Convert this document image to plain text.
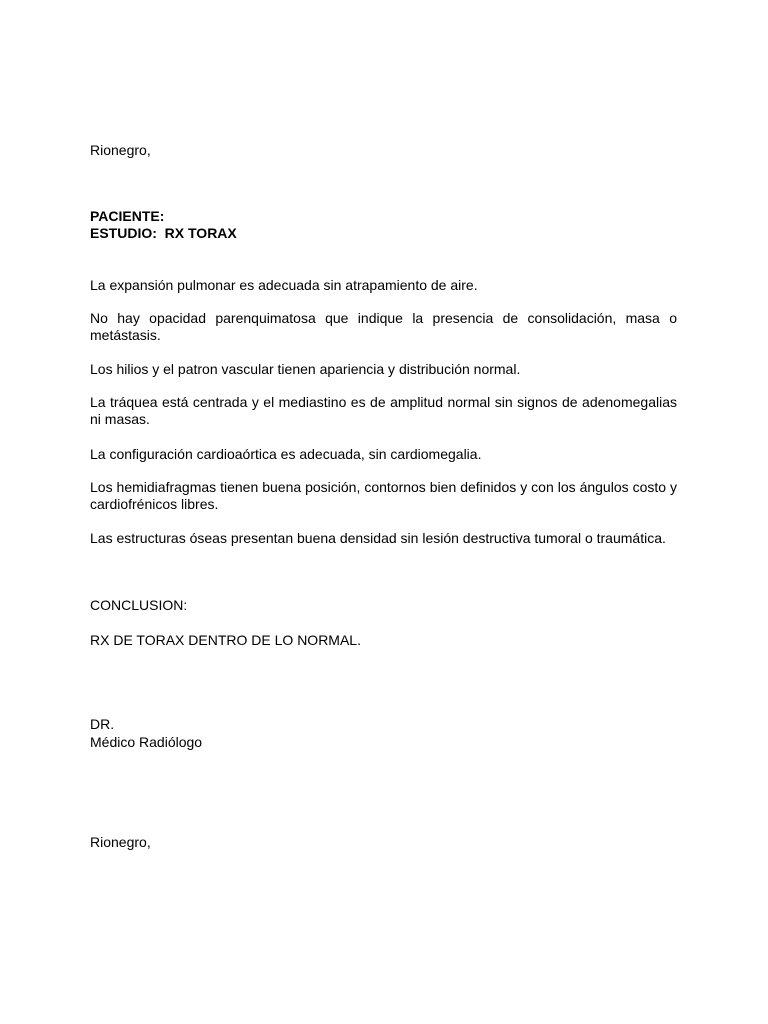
Rionegro,

PACIENTE:

ESTUDIO: RX TORAX

La expansión pulmonar es adecuada sin atrapamiento de aire.

No hay opacidad parenquimatosa que indique la presencia de consolidación, masa o metástasis.

Los hilios y el patron vascular tienen apariencia y distribución normal.

La tráquea está centrada y el mediastino es de amplitud normal sin signos de adenomegalias ni masas.

La configuración cardioaórtica es adecuada, sin cardiomegalia.

Los hemidiafragmas tienen buena posición, contornos bien definidos y con los ángulos costo y cardiofrénicos libres.

Las estructuras óseas presentan buena densidad sin lesión destructiva tumoral o traumática.

CONCLUSION:

RX DE TORAX DENTRO DE LO NORMAL.

DR.

Médico Radiólogo

Rionegro,
